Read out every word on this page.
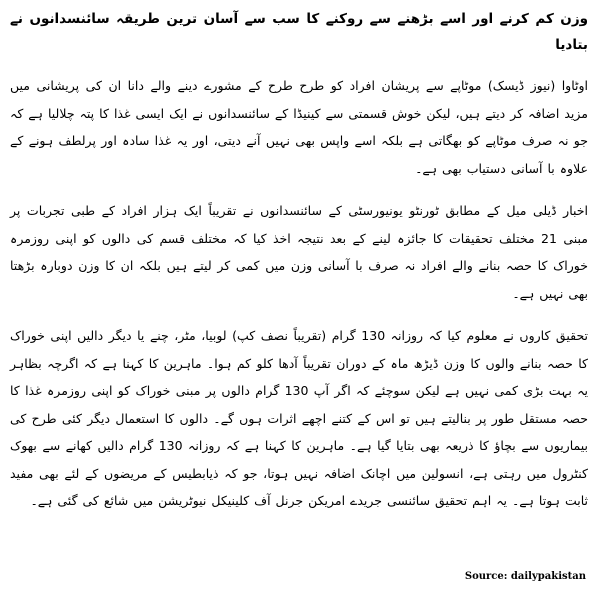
وزن کم کرنے اور اسے بڑھنے سے روکنے کا سب سے آسان ترین طریقہ سائنسدانوں نے بتادیا

اوٹاوا (نیوز ڈیسک) موٹاپے سے پریشان افراد کو طرح طرح کے مشورے دینے والے دانا ان کی پریشانی میں مزید اضافہ کر دیتے ہیں، لیکن خوش قسمتی سے کینیڈا کے سائنسدانوں نے ایک ایسی غذا کا پتہ چلالیا ہے کہ جو نہ صرف موٹاپے کو بھگاتی ہے بلکہ اسے واپس بھی نہیں آنے دیتی، اور یہ غذا سادہ اور پرلطف ہونے کے علاوہ با آسانی دستیاب بھی ہے۔

اخبار ڈیلی میل کے مطابق ٹورنٹو یونیورسٹی کے سائنسدانوں نے تقریباً ایک ہزار افراد کے طبی تجربات پر مبنی 21 مختلف تحقیقات کا جائزہ لینے کے بعد نتیجہ اخذ کیا کہ مختلف قسم کی دالوں کو اپنی روزمرہ خوراک کا حصہ بنانے والے افراد نہ صرف با آسانی وزن میں کمی کر لیتے ہیں بلکہ ان کا وزن دوبارہ بڑھتا بھی نہیں ہے۔

تحقیق کاروں نے معلوم کیا کہ روزانہ 130 گرام (تقریباً نصف کپ) لوبیا، مٹر، چنے یا دیگر دالیں اپنی خوراک کا حصہ بنانے والوں کا وزن ڈیڑھ ماہ کے دوران تقریباً آدھا کلو کم ہوا۔ ماہرین کا کہنا ہے کہ اگرچہ بظاہر یہ بہت بڑی کمی نہیں ہے لیکن سوچئے کہ اگر آپ 130 گرام دالوں پر مبنی خوراک کو اپنی روزمرہ غذا کا حصہ مستقل طور پر بنالیتے ہیں تو اس کے کتنے اچھے اثرات ہوں گے۔ دالوں کا استعمال دیگر کئی طرح کی بیماریوں سے بچاؤ کا ذریعہ بھی بتایا گیا ہے۔ ماہرین کا کہنا ہے کہ روزانہ 130 گرام دالیں کھانے سے بھوک کنٹرول میں رہتی ہے، انسولین میں اچانک اضافہ نہیں ہوتا، جو کہ ذیابطیس کے مریضوں کے لئے بھی مفید ثابت ہوتا ہے۔ یہ اہم تحقیق سائنسی جریدے امریکن جرنل آف کلینیکل نیوٹریشن میں شائع کی گئی ہے۔

Source: dailypakistan
